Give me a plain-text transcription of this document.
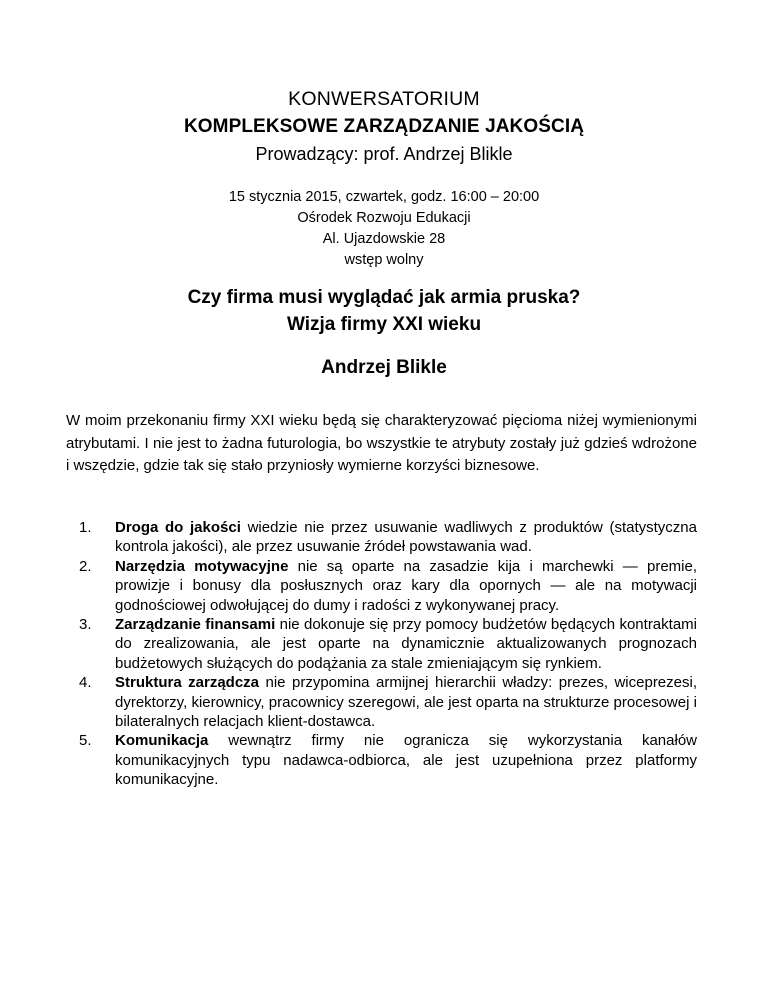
KONWERSATORIUM
KOMPLEKSOWE ZARZĄDZANIE JAKOŚCIĄ
Prowadzący: prof. Andrzej Blikle
15 stycznia 2015, czwartek, godz. 16:00 – 20:00
Ośrodek Rozwoju Edukacji
Al. Ujazdowskie 28
wstęp wolny
Czy firma musi wyglądać jak armia pruska?
Wizja firmy XXI wieku
Andrzej Blikle

W moim przekonaniu firmy XXI wieku będą się charakteryzować pięcioma niżej wymienionymi atrybutami. I nie jest to żadna futurologia, bo wszystkie te atrybuty zostały już gdzieś wdrożone i wszędzie, gdzie tak się stało przyniosły wymierne korzyści biznesowe.

1. Droga do jakości wiedzie nie przez usuwanie wadliwych z produktów (statystyczna kontrola jakości), ale przez usuwanie źródeł powstawania wad.
2. Narzędzia motywacyjne nie są oparte na zasadzie kija i marchewki — premie, prowizje i bonusy dla posłusznych oraz kary dla opornych — ale na motywacji godnościowej odwołującej do dumy i radości z wykonywanej pracy.
3. Zarządzanie finansami nie dokonuje się przy pomocy budżetów będących kontraktami do zrealizowania, ale jest oparte na dynamicznie aktualizowanych prognozach budżetowych służących do podążania za stale zmieniającym się rynkiem.
4. Struktura zarządcza nie przypomina armijnej hierarchii władzy: prezes, wiceprezesi, dyrektorzy, kierownicy, pracownicy szeregowi, ale jest oparta na strukturze procesowej i bilateralnych relacjach klient-dostawca.
5. Komunikacja wewnątrz firmy nie ogranicza się wykorzystania kanałów komunikacyjnych typu nadawca-odbiorca, ale jest uzupełniona przez platformy komunikacyjne.
